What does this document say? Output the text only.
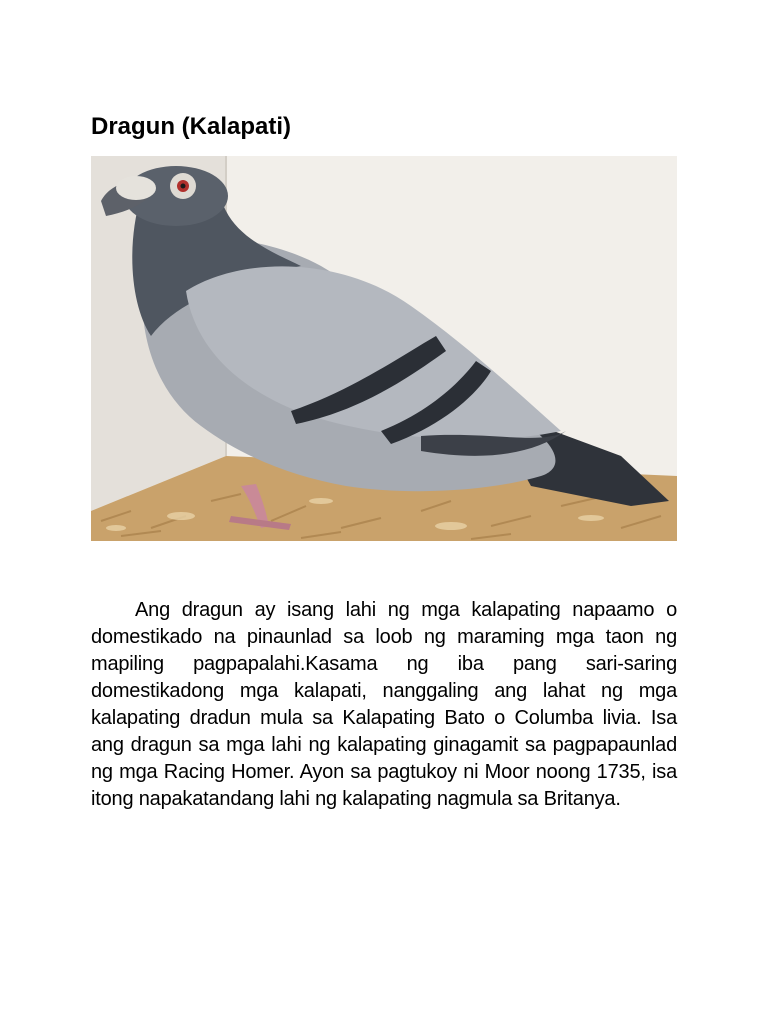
Dragun (Kalapati)

Ang dragun ay isang lahi ng mga kalapating napaamo o domestikado na pinaunlad sa loob ng maraming mga taon ng mapiling pagpapalahi.Kasama ng iba pang sari-saring domestikadong mga kalapati, nanggaling ang lahat ng mga kalapating dradun mula sa Kalapating Bato o Columba livia. Isa ang dragun sa mga lahi ng kalapating ginagamit sa pagpapaunlad ng mga Racing Homer. Ayon sa pagtukoy ni Moor noong 1735, isa itong napakatandang lahi ng kalapating nagmula sa Britanya.
